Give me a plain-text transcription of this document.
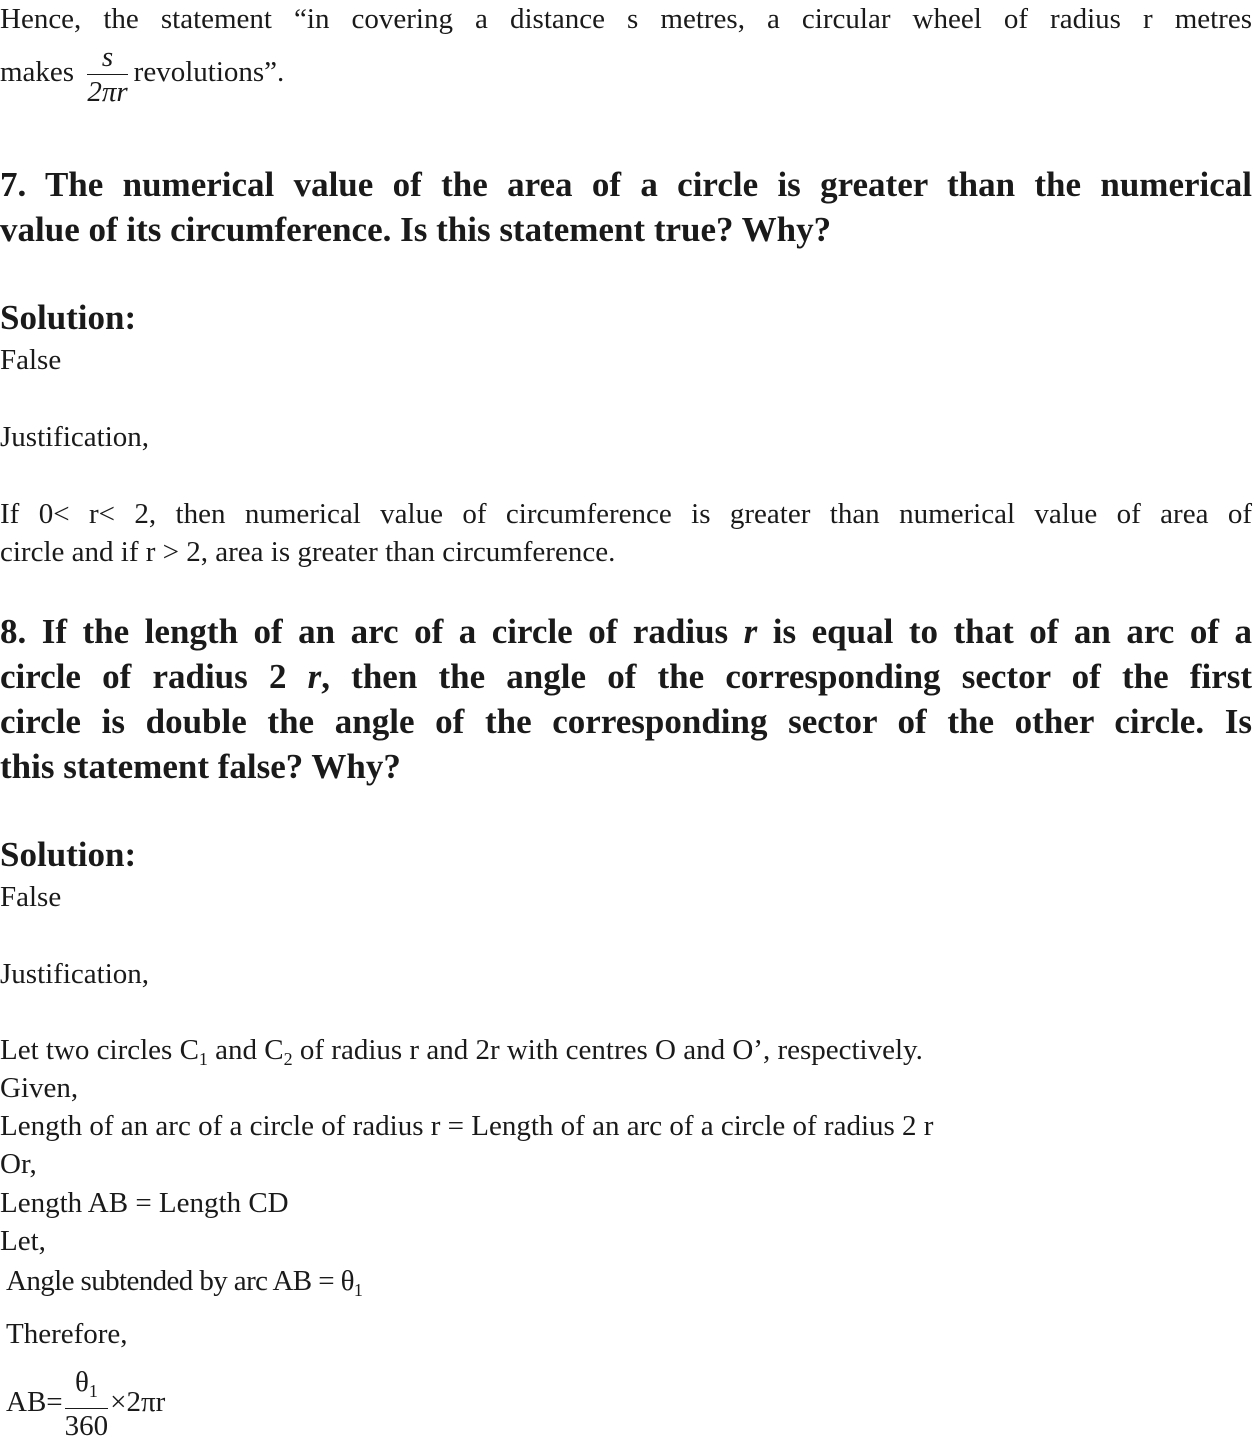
Hence, the statement “in covering a distance s metres, a circular wheel of radius r metres
makes $\frac{s}{2\pi r}$ revolutions”.
7. The numerical value of the area of a circle is greater than the numerical
value of its circumference. Is this statement true? Why?
Solution:
False
Justification,
If 0< r< 2, then numerical value of circumference is greater than numerical value of area of
circle and if r > 2, area is greater than circumference.
8. If the length of an arc of a circle of radius r is equal to that of an arc of a
circle of radius 2 r, then the angle of the corresponding sector of the first
circle is double the angle of the corresponding sector of the other circle. Is
this statement false? Why?
Solution:
False
Justification,
Let two circles $C_1$ and $C_2$ of radius r and 2r with centres O and O’, respectively.
Given,
Length of an arc of a circle of radius r = Length of an arc of a circle of radius 2 r
Or,
Length AB = Length CD
Let,
Angle subtended by arc AB = $\theta_1$
Therefore,
$AB= \frac{\theta_1}{360} \times 2\pi r$
